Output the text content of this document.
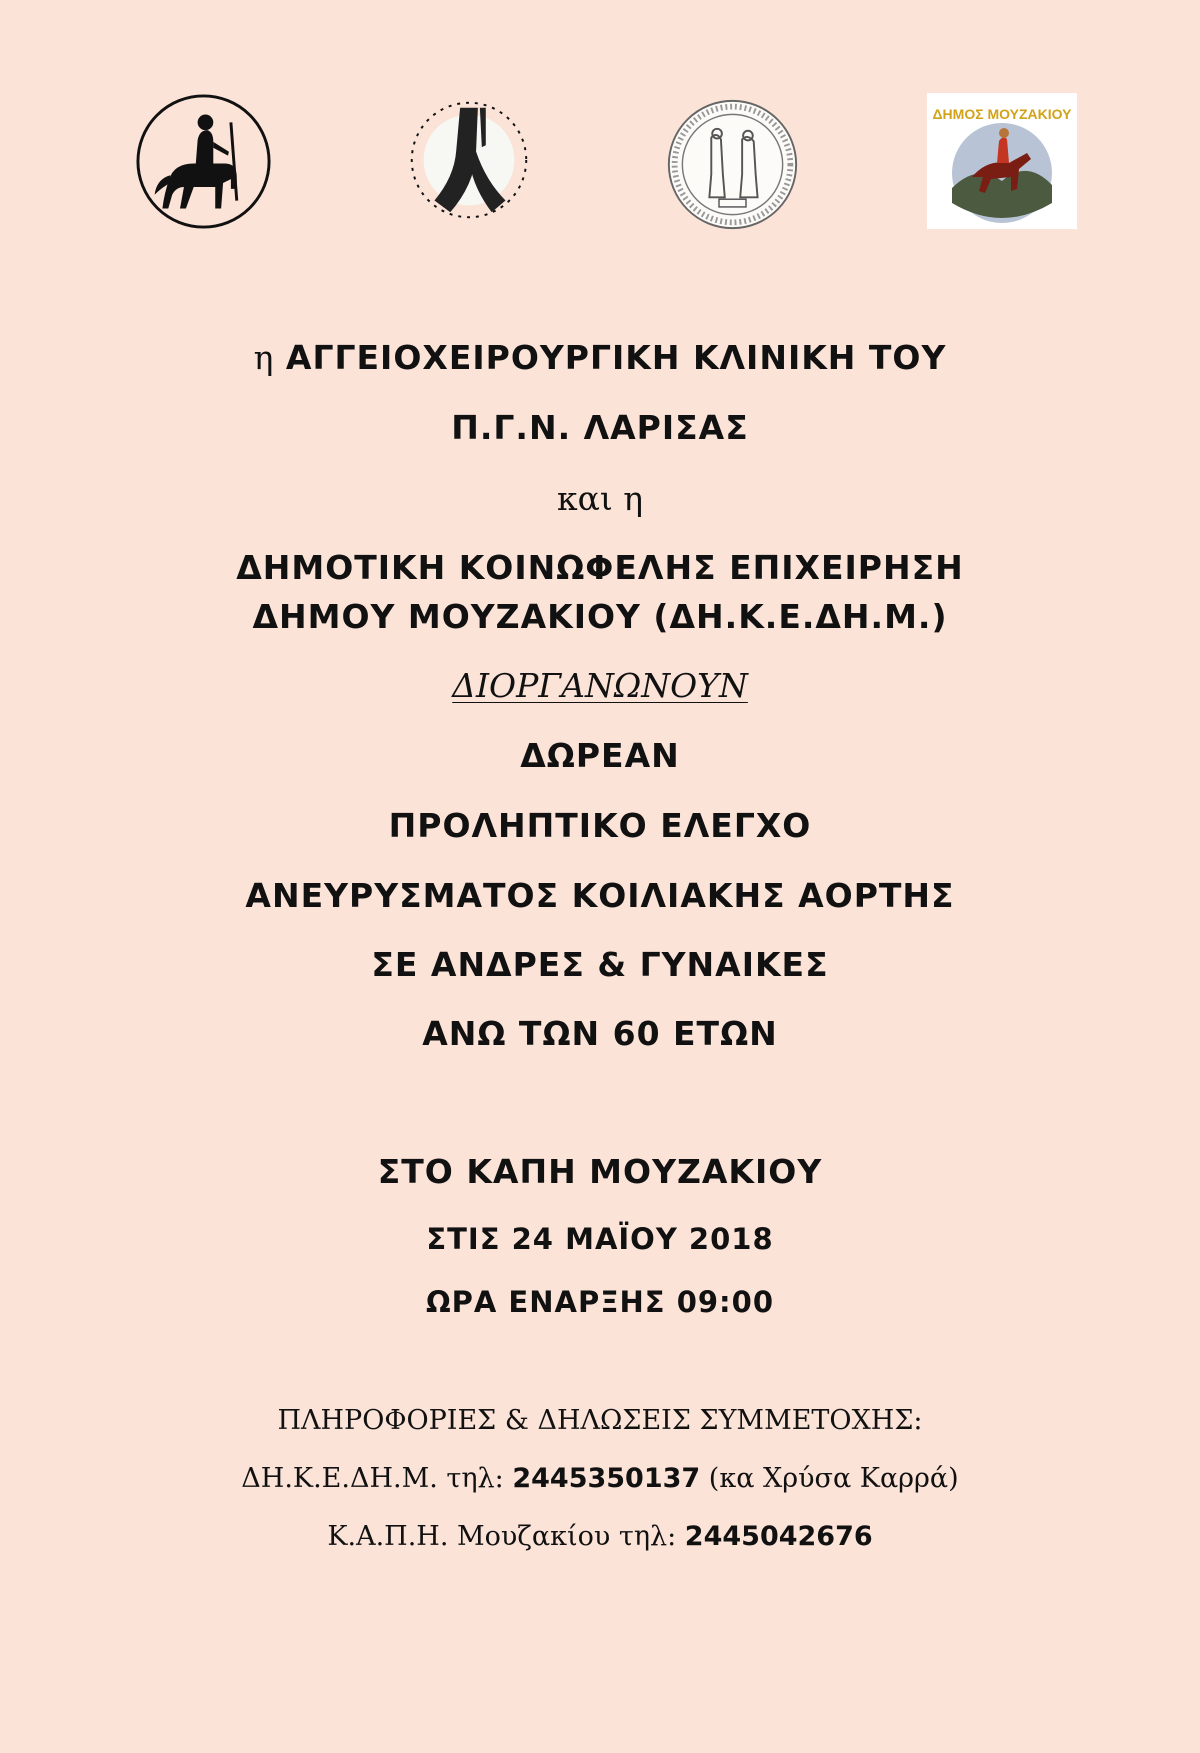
ΔΗΜΟΣ ΜΟΥΖΑΚΙΟΥ
η ΑΓΓΕΙΟΧΕΙΡΟΥΡΓΙΚΗ ΚΛΙΝΙΚΗ ΤΟΥ
Π.Γ.Ν. ΛΑΡΙΣΑΣ
και η
ΔΗΜΟΤΙΚΗ ΚΟΙΝΩΦΕΛΗΣ ΕΠΙΧΕΙΡΗΣΗ
ΔΗΜΟΥ ΜΟΥΖΑΚΙΟΥ (ΔΗ.Κ.Ε.ΔΗ.Μ.)
ΔΙΟΡΓΑΝΩΝΟΥΝ
ΔΩΡΕΑΝ
ΠΡΟΛΗΠΤΙΚΟ ΕΛΕΓΧΟ
ΑΝΕΥΡΥΣΜΑΤΟΣ ΚΟΙΛΙΑΚΗΣ ΑΟΡΤΗΣ
ΣΕ ΑΝΔΡΕΣ & ΓΥΝΑΙΚΕΣ
ΑΝΩ ΤΩΝ 60 ΕΤΩΝ
ΣΤΟ ΚΑΠΗ ΜΟΥΖΑΚΙΟΥ
ΣΤΙΣ 24 ΜΑΪΟΥ 2018
ΩΡΑ ΕΝΑΡΞΗΣ 09:00
ΠΛΗΡΟΦΟΡΙΕΣ & ΔΗΛΩΣΕΙΣ ΣΥΜΜΕΤΟΧΗΣ:
ΔΗ.Κ.Ε.ΔΗ.Μ. τηλ: 2445350137 (κα Χρύσα Καρρά)
Κ.Α.Π.Η. Μουζακίου τηλ: 2445042676
